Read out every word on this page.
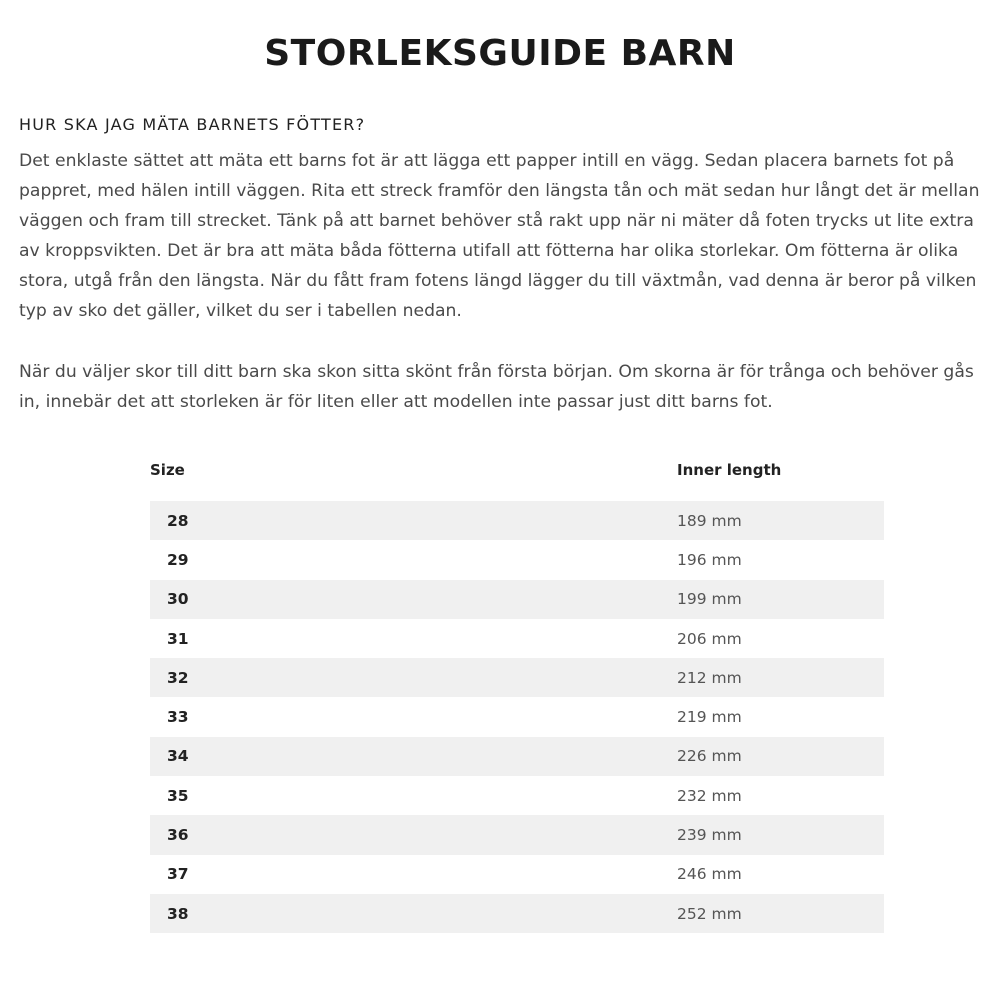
STORLEKSGUIDE BARN
HUR SKA JAG MÄTA BARNETS FÖTTER?

Det enklaste sättet att mäta ett barns fot är att lägga ett papper intill en vägg. Sedan placera barnets fot på pappret, med hälen intill väggen. Rita ett streck framför den längsta tån och mät sedan hur långt det är mellan väggen och fram till strecket. Tänk på att barnet behöver stå rakt upp när ni mäter då foten trycks ut lite extra av kroppsvikten. Det är bra att mäta båda fötterna utifall att fötterna har olika storlekar. Om fötterna är olika stora, utgå från den längsta. När du fått fram fotens längd lägger du till växtmån, vad denna är beror på vilken typ av sko det gäller, vilket du ser i tabellen nedan.

När du väljer skor till ditt barn ska skon sitta skönt från första början. Om skorna är för trånga och behöver gås in, innebär det att storleken är för liten eller att modellen inte passar just ditt barns fot.

Size	Inner length

28	189 mm
29	196 mm
30	199 mm
31	206 mm
32	212 mm
33	219 mm
34	226 mm
35	232 mm
36	239 mm
37	246 mm
38	252 mm
